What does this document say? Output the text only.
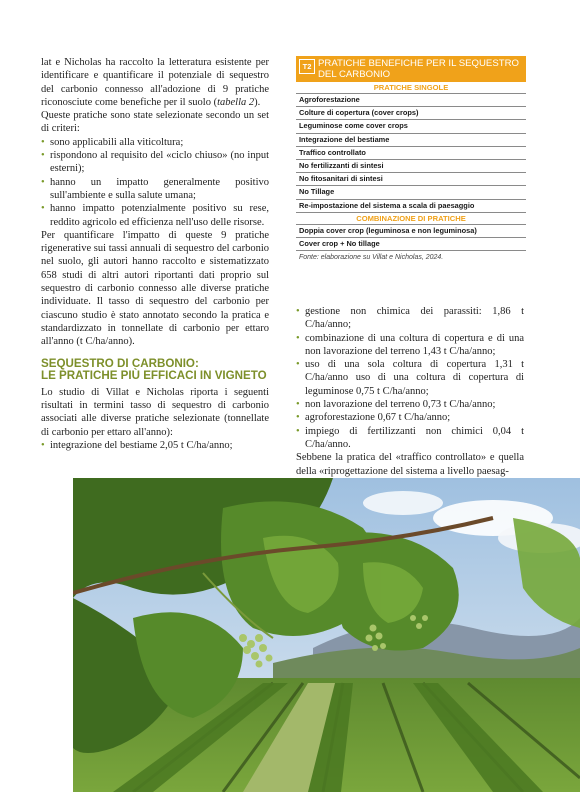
lat e Nicholas ha raccolto la letteratura esistente per identificare e quantificare il potenziale di sequestro del carbonio connesso all'adozione di 9 pratiche riconosciute come benefiche per il suolo (tabella 2).

Queste pratiche sono state selezionate secondo un set di criteri:

• sono applicabili alla viticoltura;

• rispondono al requisito del «ciclo chiuso» (no input esterni);

• hanno un impatto generalmente positivo sull'ambiente e sulla salute umana;

• hanno impatto potenzialmente positivo su rese, reddito agricolo ed efficienza nell'uso delle risorse.

Per quantificare l'impatto di queste 9 pratiche rigenerative sui tassi annuali di sequestro del carbonio nel suolo, gli autori hanno raccolto e sistematizzato 658 studi di altri autori riportanti dati proprio sul sequestro di carbonio connesso alle diverse pratiche individuate. Il tasso di sequestro del carbonio per ciascuno studio è stato annotato secondo la pratica e standardizzato in tonnellate di carbonio per ettaro all'anno (t C/ha/anno).

SEQUESTRO DI CARBONIO:
LE PRATICHE PIÙ EFFICACI IN VIGNETO

Lo studio di Villat e Nicholas riporta i seguenti risultati in termini tasso di sequestro di carbonio associati alle diverse pratiche selezionate (tonnellate di carbonio per ettaro all'anno):

• integrazione del bestiame 2,05 t C/ha/anno;

T2 PRATICHE BENEFICHE PER IL SEQUESTRO DEL CARBONIO
PRATICHE SINGOLE
Agroforestazione
Colture di copertura (cover crops)
Leguminose come cover crops
Integrazione del bestiame
Traffico controllato
No fertilizzanti di sintesi
No fitosanitari di sintesi
No Tillage
Re-impostazione del sistema a scala di paesaggio
COMBINAZIONE DI PRATICHE
Doppia cover crop (leguminosa e non leguminosa)
Cover crop + No tillage
Fonte: elaborazione su Villat e Nicholas, 2024.

• gestione non chimica dei parassiti: 1,86 t C/ha/anno;

• combinazione di una coltura di copertura e di una non lavorazione del terreno 1,43 t C/ha/anno;

• uso di una sola coltura di copertura 1,31 t C/ha/anno uso di una coltura di copertura di leguminose 0,75 t C/ha/anno;

• non lavorazione del terreno 0,73 t C/ha/anno;

• agroforestazione 0,67 t C/ha/anno;

• impiego di fertilizzanti non chimici 0,04 t C/ha/anno.

Sebbene la pratica del «traffico controllato» e quella della «riprogettazione del sistema a livello paesag-
